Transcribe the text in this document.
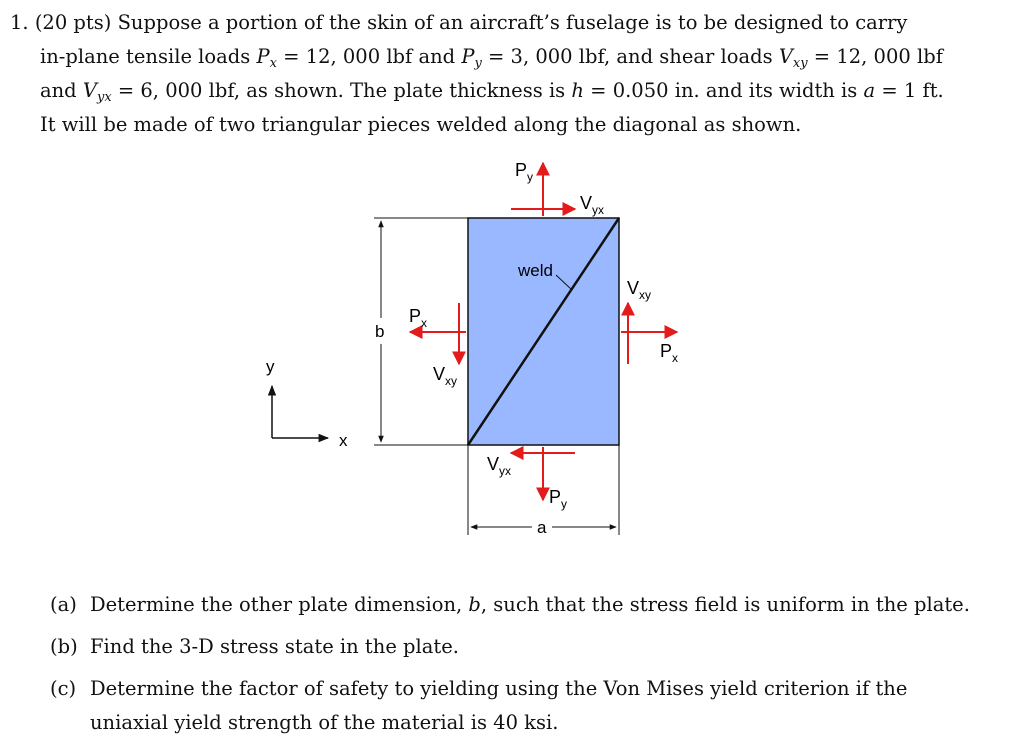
1. (20 pts) Suppose a portion of the skin of an aircraft’s fuselage is to be designed to carry
in-plane tensile loads $P_x = 12$, 000 lbf and $P_y = 3$, 000 lbf, and shear loads $V_{xy} = 12$, 000 lbf
and $V_{yx} = 6$, 000 lbf, as shown. The plate thickness is h = 0.050 in. and its width is a = 1 ft.
It will be made of two triangular pieces welded along the diagonal as shown.
weld
b
a
y
x
$P_y$
$V_{yx}$
$V_{yx}$
$P_y$
$P_x$
$V_{xy}$
$V_{xy}$
$P_x$
(a) Determine the other plate dimension, b, such that the stress field is uniform in the plate.
(b) Find the 3-D stress state in the plate.
(c) Determine the factor of safety to yielding using the Von Mises yield criterion if the uniaxial yield strength of the material is 40 ksi.
